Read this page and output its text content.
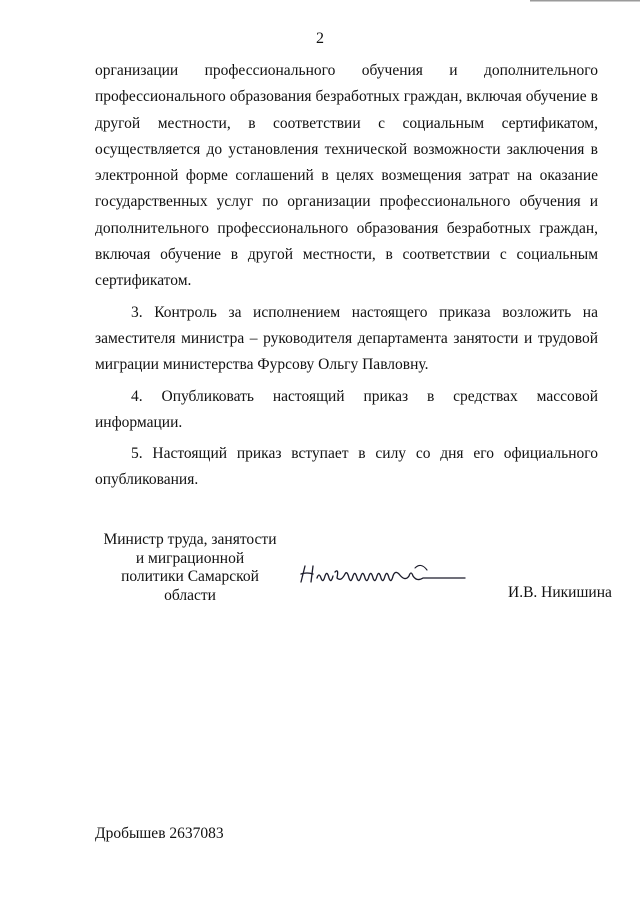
2

организации профессионального обучения и дополнительного профессионального образования безработных граждан, включая обучение в другой местности, в соответствии с социальным сертификатом, осуществляется до установления технической возможности заключения в электронной форме соглашений в целях возмещения затрат на оказание государственных услуг по организации профессионального обучения и дополнительного профессионального образования безработных граждан, включая обучение в другой местности, в соответствии с социальным сертификатом.

3. Контроль за исполнением настоящего приказа возложить на заместителя министра – руководителя департамента занятости и трудовой миграции министерства Фурсову Ольгу Павловну.

4. Опубликовать настоящий приказ в средствах массовой информации.

5. Настоящий приказ вступает в силу со дня его официального опубликования.

Министр труда, занятости
и миграционной
политики Самарской
области	И.В. Никишина
Дробышев 2637083
